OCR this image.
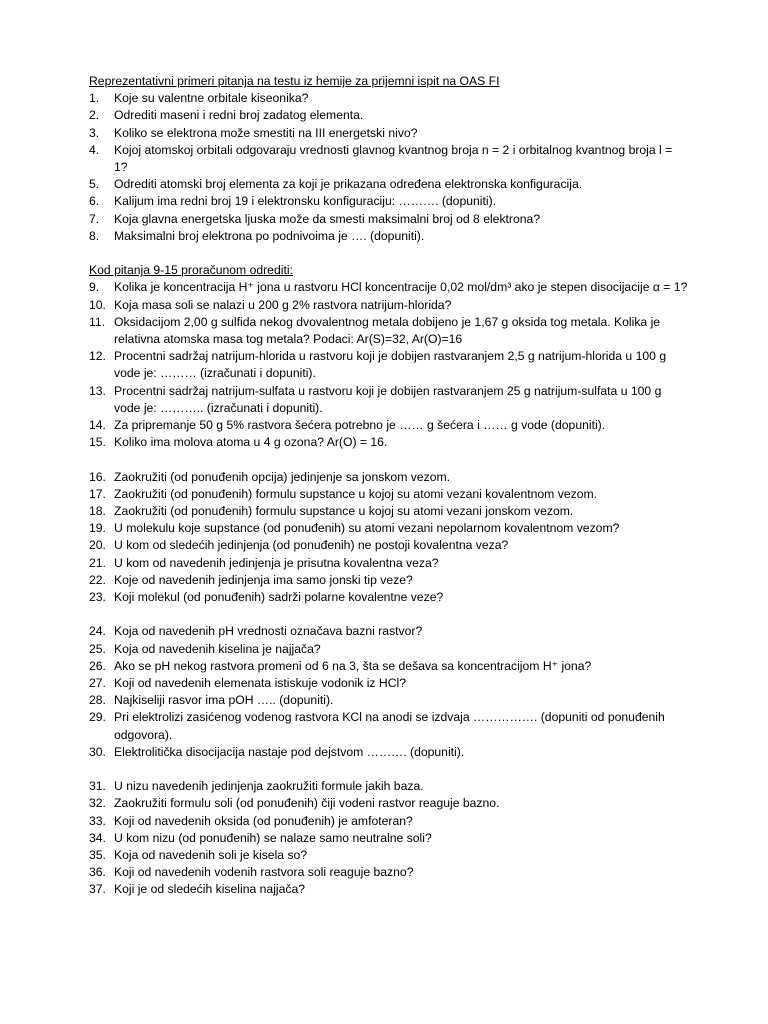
Reprezentativni primeri pitanja na testu iz hemije za prijemni ispit na OAS FI

1.	Koje su valentne orbitale kiseonika?
2.	Odrediti maseni i redni broj zadatog elementa.
3.	Koliko se elektrona može smestiti na III energetski nivo?
4.	Kojoj atomskoj orbitali odgovaraju vrednosti glavnog kvantnog broja n = 2 i orbitalnog kvantnog broja l = 1?
5.	Odrediti atomski broj elementa za koji je prikazana određena elektronska konfiguracija.
6.	Kalijum ima redni broj 19 i elektronsku konfiguraciju: ………. (dopuniti).
7.	Koja glavna energetska ljuska može da smesti maksimalni broj od 8 elektrona?
8.	Maksimalni broj elektrona po podnivoima je …. (dopuniti).

Kod pitanja 9-15 proračunom odrediti:

9.	Kolika je koncentracija H⁺ jona u rastvoru HCl koncentracije 0,02 mol/dm³ ako je stepen disocijacije α = 1?
10. Koja masa soli se nalazi u 200 g 2% rastvora natrijum-hlorida?
11. Oksidacijom 2,00 g sulfida nekog dvovalentnog metala dobijeno je 1,67 g oksida tog metala. Kolika je relativna atomska masa tog metala? Podaci: Ar(S)=32, Ar(O)=16
12. Procentni sadržaj natrijum-hlorida u rastvoru koji je dobijen rastvaranjem 2,5 g natrijum-hlorida u 100 g vode je: ……… (izračunati i dopuniti).
13. Procentni sadržaj natrijum-sulfata u rastvoru koji je dobijen rastvaranjem 25 g natrijum-sulfata u 100 g vode je: ……….. (izračunati i dopuniti).
14. Za pripremanje 50 g 5% rastvora šećera potrebno je …… g šećera i …… g vode (dopuniti).
15. Koliko ima molova atoma u 4 g ozona? Ar(O) = 16.
16. Zaokružiti (od ponuđenih opcija) jedinjenje sa jonskom vezom.
17. Zaokružiti (od ponuđenih) formulu supstance u kojoj su atomi vezani kovalentnom vezom.
18. Zaokružiti (od ponuđenih) formulu supstance u kojoj su atomi vezani jonskom vezom.
19. U molekulu koje supstance (od ponuđenih) su atomi vezani nepolarnom kovalentnom vezom?
20. U kom od sledećih jedinjenja (od ponuđenih) ne postoji kovalentna veza?
21. U kom od navedenih jedinjenja je prisutna kovalentna veza?
22. Koje od navedenih jedinjenja ima samo jonski tip veze?
23. Koji molekul (od ponuđenih) sadrži polarne kovalentne veze?
24. Koja od navedenih pH vrednosti označava bazni rastvor?
25. Koja od navedenih kiselina je najjača?
26. Ako se pH nekog rastvora promeni od 6 na 3, šta se dešava sa koncentracijom H⁺ jona?
27. Koji od navedenih elemenata istiskuje vodonik iz HCl?
28. Najkiseliji rasvor ima pOH ….. (dopuniti).
29. Pri elektrolizi zasićenog vodenog rastvora KCl na anodi se izdvaja ……………. (dopuniti od ponuđenih odgovora).
30. Elektrolitička disocijacija nastaje pod dejstvom ………. (dopuniti).
31. U nizu navedenih jedinjenja zaokružiti formule jakih baza.
32. Zaokružiti formulu soli (od ponuđenih) čiji vodeni rastvor reaguje bazno.
33. Koji od navedenih oksida (od ponuđenih) je amfoteran?
34. U kom nizu (od ponuđenih) se nalaze samo neutralne soli?
35. Koja od navedenih soli je kisela so?
36. Koji od navedenih vodenih rastvora soli reaguje bazno?
37. Koji je od sledećih kiselina najjača?
